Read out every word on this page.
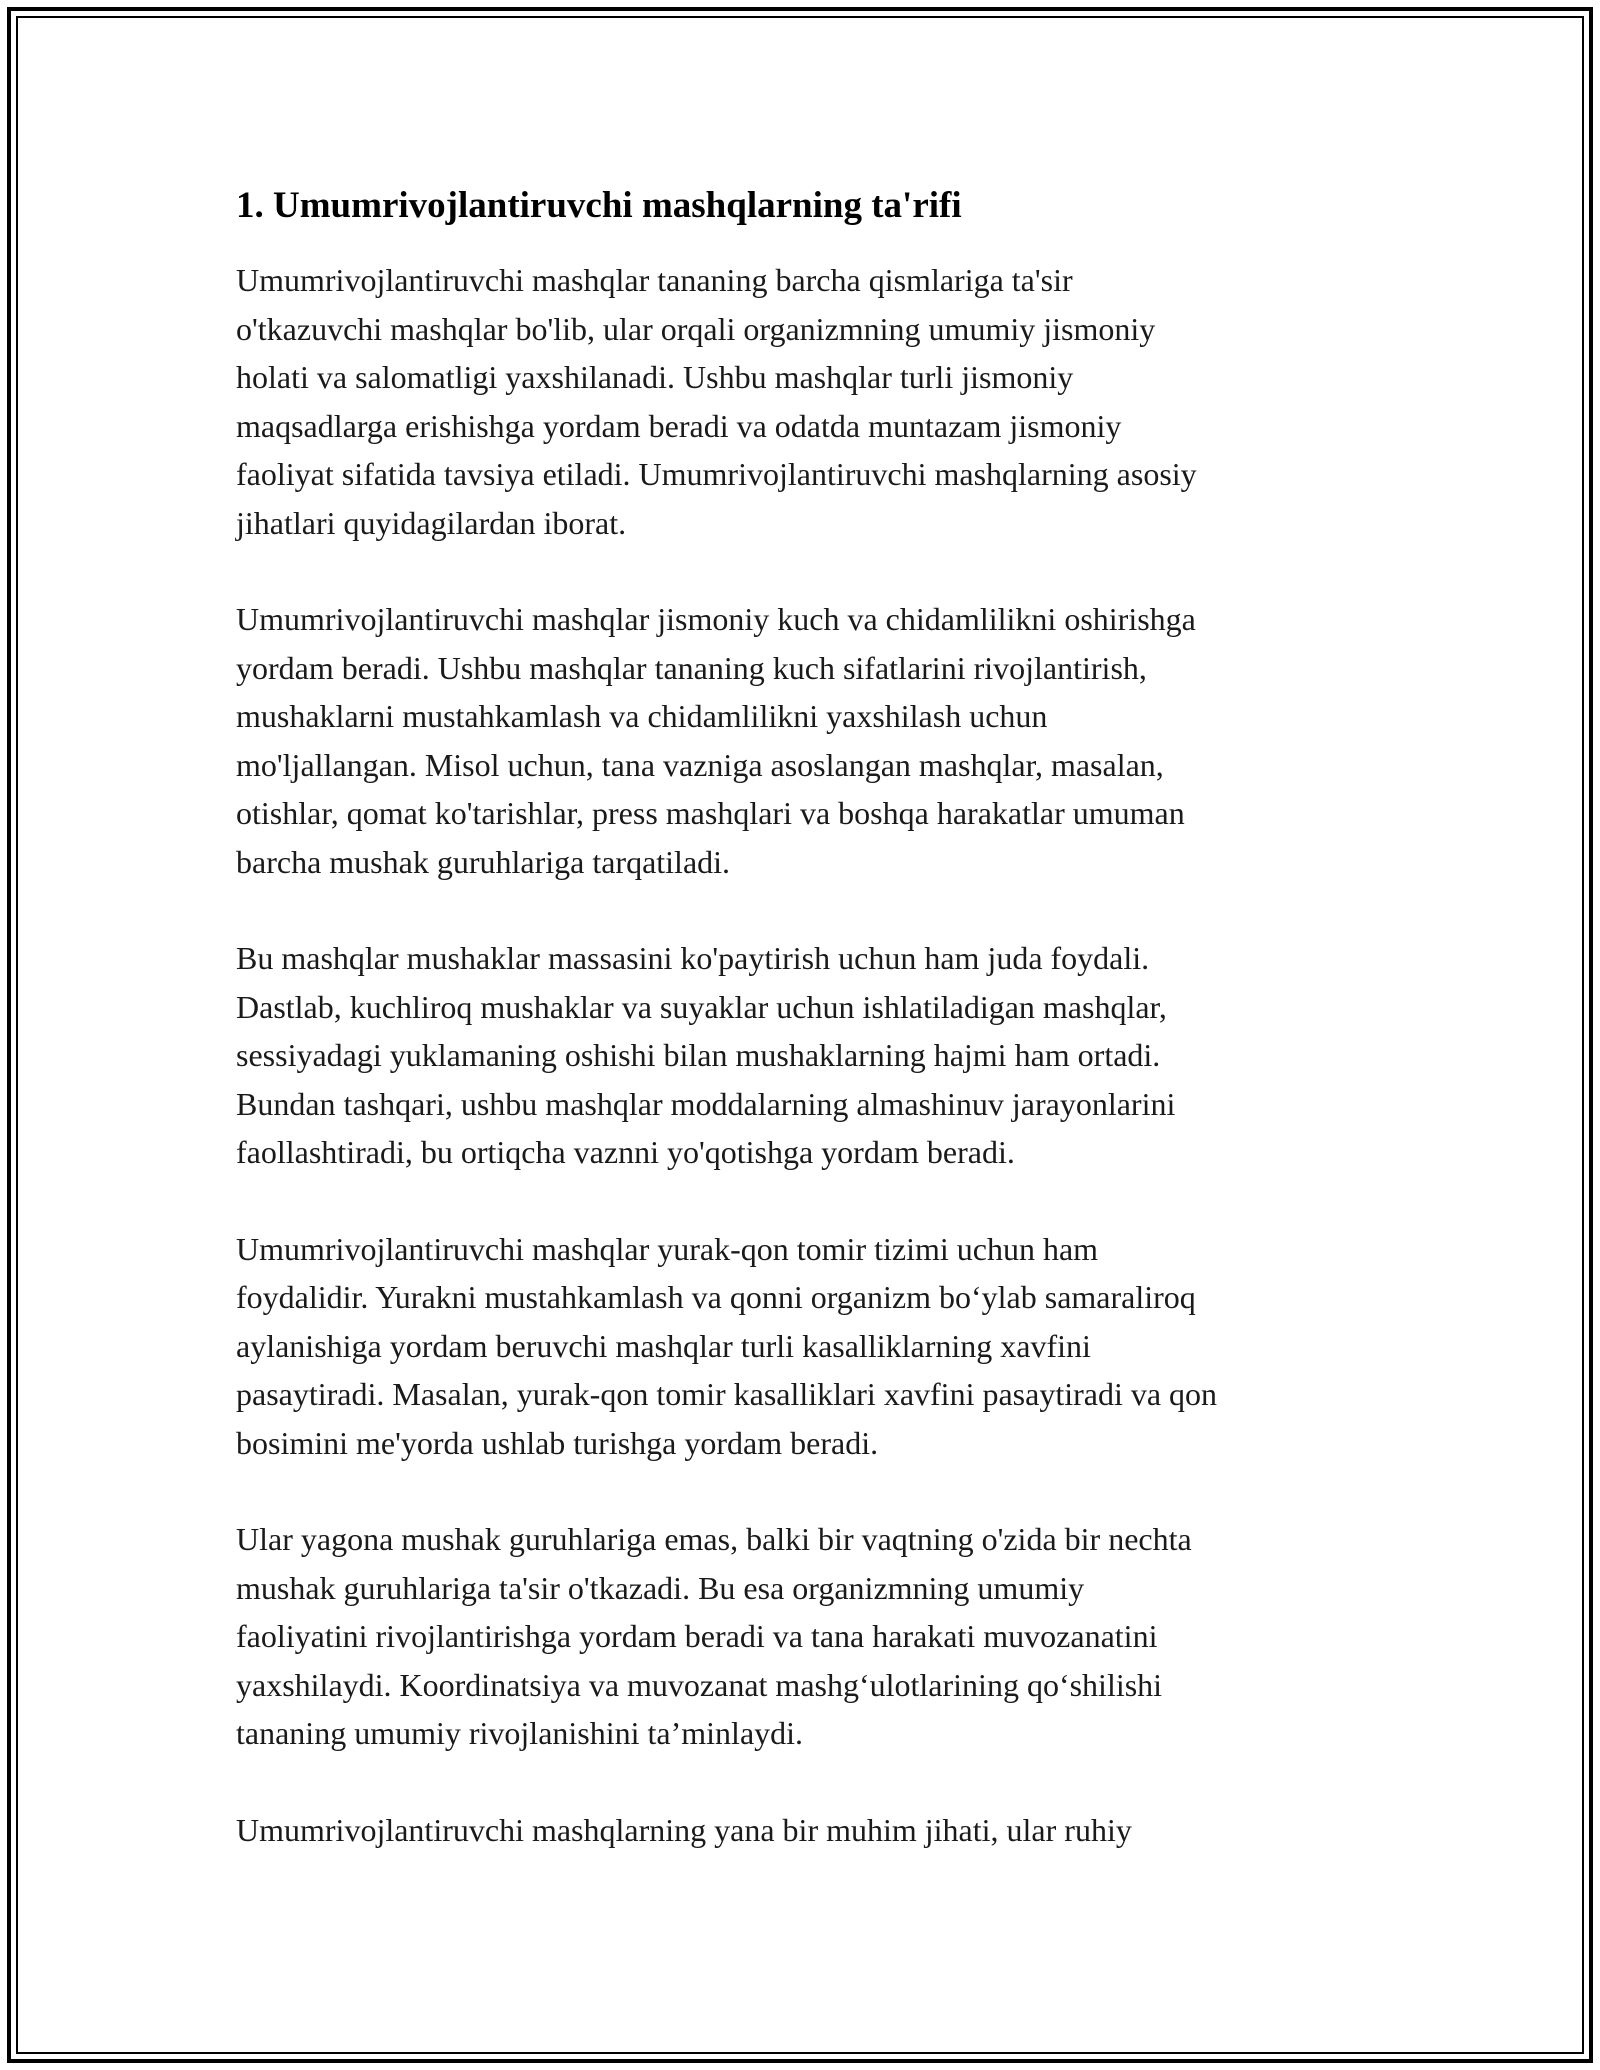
1. Umumrivojlantiruvchi mashqlarning ta'rifi

Umumrivojlantiruvchi mashqlar tananing barcha qismlariga ta'sir
o'tkazuvchi mashqlar bo'lib, ular orqali organizmning umumiy jismoniy
holati va salomatligi yaxshilanadi. Ushbu mashqlar turli jismoniy
maqsadlarga erishishga yordam beradi va odatda muntazam jismoniy
faoliyat sifatida tavsiya etiladi. Umumrivojlantiruvchi mashqlarning asosiy
jihatlari quyidagilardan iborat.

Umumrivojlantiruvchi mashqlar jismoniy kuch va chidamlilikni oshirishga
yordam beradi. Ushbu mashqlar tananing kuch sifatlarini rivojlantirish,
mushaklarni mustahkamlash va chidamlilikni yaxshilash uchun
mo'ljallangan. Misol uchun, tana vazniga asoslangan mashqlar, masalan,
otishlar, qomat ko'tarishlar, press mashqlari va boshqa harakatlar umuman
barcha mushak guruhlariga tarqatiladi.

Bu mashqlar mushaklar massasini ko'paytirish uchun ham juda foydali.
Dastlab, kuchliroq mushaklar va suyaklar uchun ishlatiladigan mashqlar,
sessiyadagi yuklamaning oshishi bilan mushaklarning hajmi ham ortadi.
Bundan tashqari, ushbu mashqlar moddalarning almashinuv jarayonlarini
faollashtiradi, bu ortiqcha vaznni yo'qotishga yordam beradi.

Umumrivojlantiruvchi mashqlar yurak-qon tomir tizimi uchun ham
foydalidir. Yurakni mustahkamlash va qonni organizm bo‘ylab samaraliroq
aylanishiga yordam beruvchi mashqlar turli kasalliklarning xavfini
pasaytiradi. Masalan, yurak-qon tomir kasalliklari xavfini pasaytiradi va qon
bosimini me'yorda ushlab turishga yordam beradi.

Ular yagona mushak guruhlariga emas, balki bir vaqtning o'zida bir nechta
mushak guruhlariga ta'sir o'tkazadi. Bu esa organizmning umumiy
faoliyatini rivojlantirishga yordam beradi va tana harakati muvozanatini
yaxshilaydi. Koordinatsiya va muvozanat mashg‘ulotlarining qo‘shilishi
tananing umumiy rivojlanishini ta’minlaydi.

Umumrivojlantiruvchi mashqlarning yana bir muhim jihati, ular ruhiy
